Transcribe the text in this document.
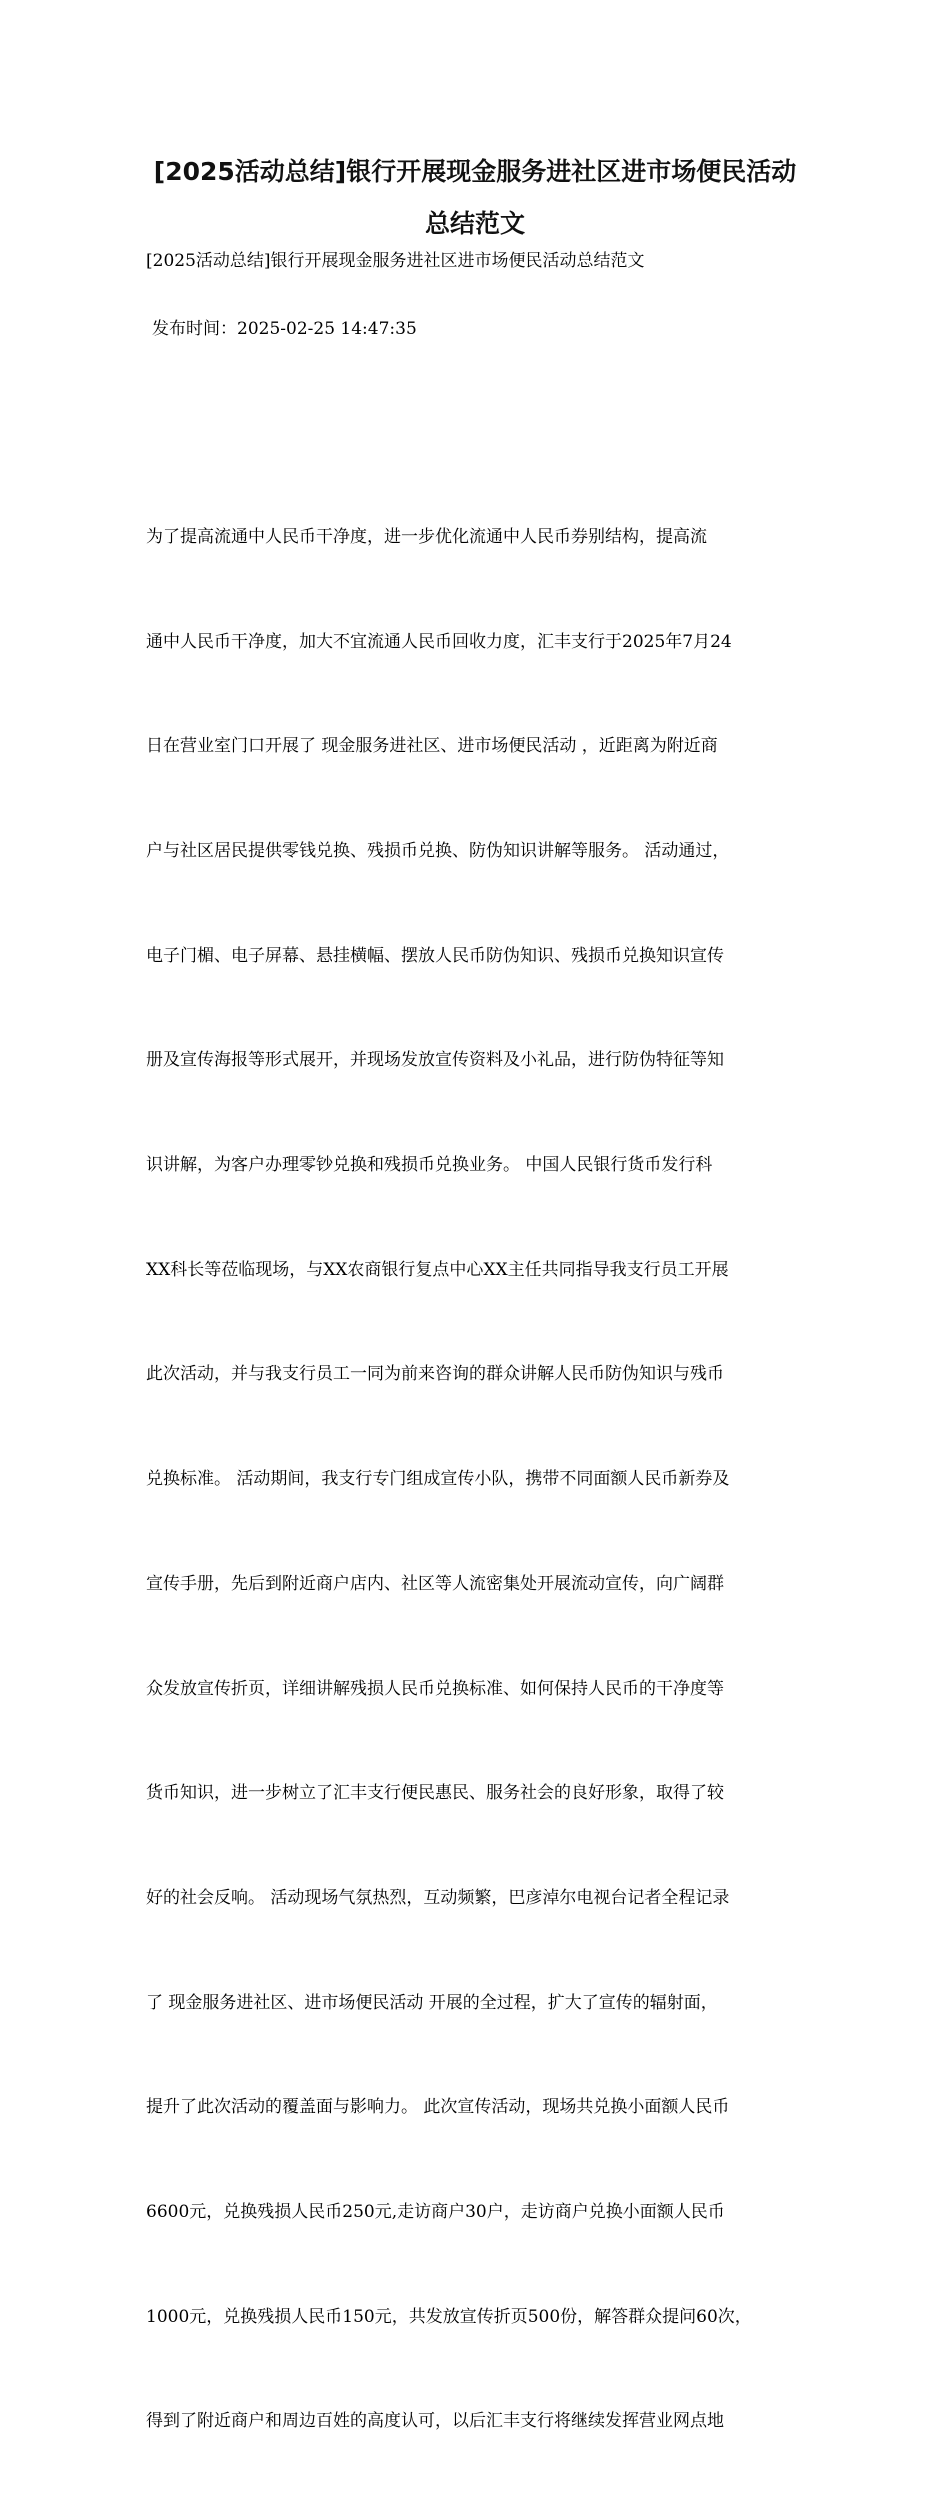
[2025活动总结]银行开展现金服务进社区进市场便民活动
总结范文

[2025活动总结]银行开展现金服务进社区进市场便民活动总结范文

发布时间：2025-02-25 14:47:35

为了提高流通中人民币干净度，进一步优化流通中人民币券别结构，提高流

通中人民币干净度，加大不宜流通人民币回收力度，汇丰支行于2025年7月24

日在营业室门口开展了 现金服务进社区、进市场便民活动 ，近距离为附近商

户与社区居民提供零钱兑换、残损币兑换、防伪知识讲解等服务。 活动通过，

电子门楣、电子屏幕、悬挂横幅、摆放人民币防伪知识、残损币兑换知识宣传

册及宣传海报等形式展开，并现场发放宣传资料及小礼品，进行防伪特征等知

识讲解，为客户办理零钞兑换和残损币兑换业务。 中国人民银行货币发行科

XX科长等莅临现场，与XX农商银行复点中心XX主任共同指导我支行员工开展

此次活动，并与我支行员工一同为前来咨询的群众讲解人民币防伪知识与残币

兑换标准。 活动期间，我支行专门组成宣传小队，携带不同面额人民币新券及

宣传手册，先后到附近商户店内、社区等人流密集处开展流动宣传，向广阔群

众发放宣传折页，详细讲解残损人民币兑换标准、如何保持人民币的干净度等

货币知识，进一步树立了汇丰支行便民惠民、服务社会的良好形象，取得了较

好的社会反响。 活动现场气氛热烈，互动频繁，巴彦淖尔电视台记者全程记录

了 现金服务进社区、进市场便民活动 开展的全过程，扩大了宣传的辐射面，

提升了此次活动的覆盖面与影响力。 此次宣传活动，现场共兑换小面额人民币

6600元，兑换残损人民币250元,走访商户30户，走访商户兑换小面额人民币

1000元，兑换残损人民币150元，共发放宣传折页500份，解答群众提问60次，

得到了附近商户和周边百姓的高度认可，以后汇丰支行将继续发挥营业网点地
